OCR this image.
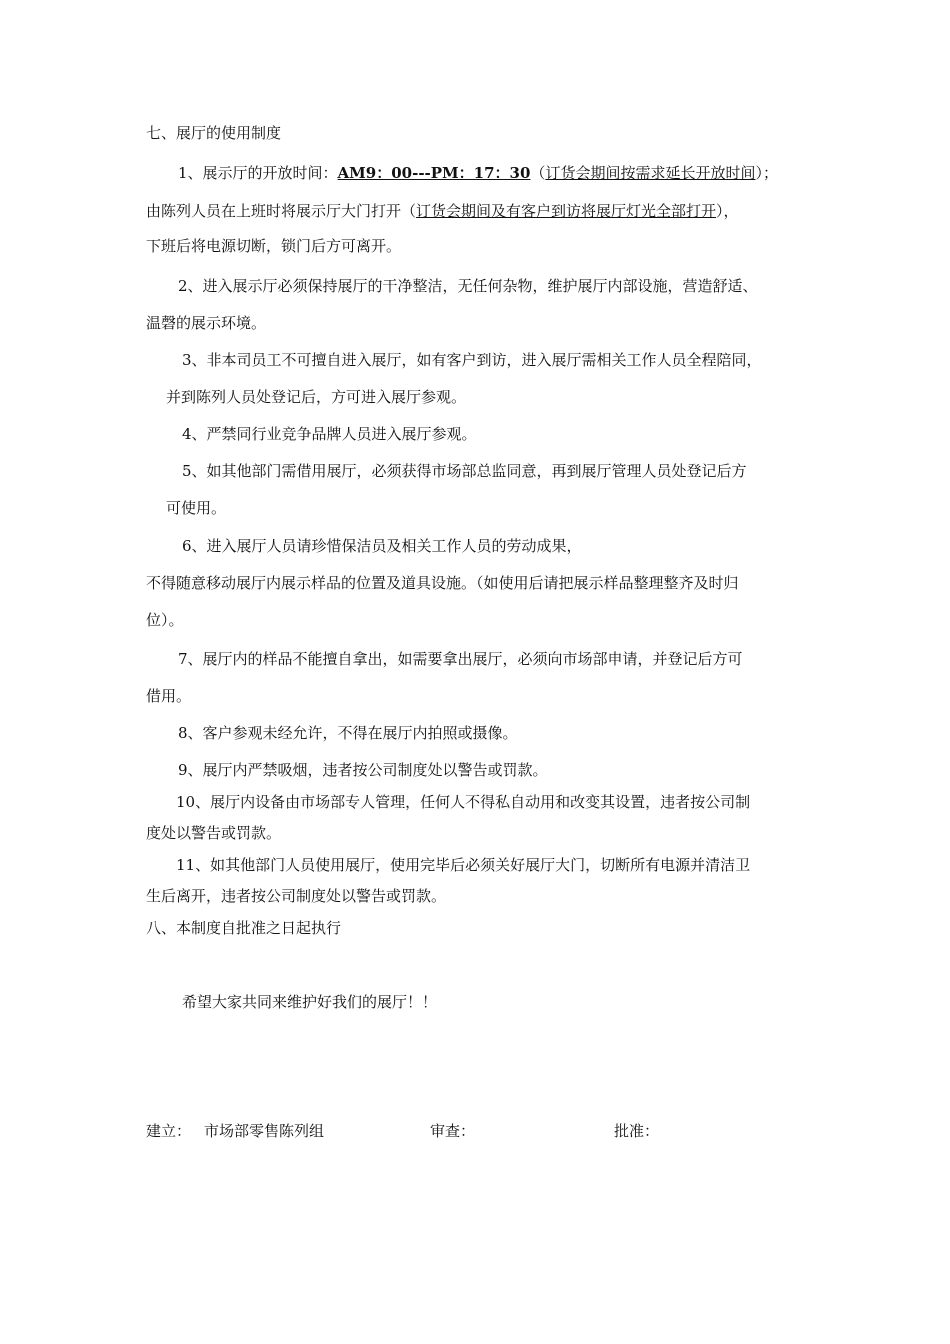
七、展厅的使用制度

1、展示厅的开放时间：AM9：00---PM：17：30（订货会期间按需求延长开放时间）；

由陈列人员在上班时将展示厅大门打开（订货会期间及有客户到访将展厅灯光全部打开），

下班后将电源切断，锁门后方可离开。

2、进入展示厅必须保持展厅的干净整洁，无任何杂物，维护展厅内部设施，营造舒适、

温磬的展示环境。

3、非本司员工不可擅自进入展厅，如有客户到访，进入展厅需相关工作人员全程陪同，

并到陈列人员处登记后，方可进入展厅参观。

4、严禁同行业竞争品牌人员进入展厅参观。

5、如其他部门需借用展厅，必须获得市场部总监同意，再到展厅管理人员处登记后方

可使用。

6、进入展厅人员请珍惜保洁员及相关工作人员的劳动成果，

不得随意移动展厅内展示样品的位置及道具设施。（如使用后请把展示样品整理整齐及时归

位）。

7、展厅内的样品不能擅自拿出，如需要拿出展厅，必须向市场部申请，并登记后方可

借用。

8、客户参观未经允许，不得在展厅内拍照或摄像。

9、展厅内严禁吸烟，违者按公司制度处以警告或罚款。

10、展厅内设备由市场部专人管理，任何人不得私自动用和改变其设置，违者按公司制

度处以警告或罚款。

11、如其他部门人员使用展厅，使用完毕后必须关好展厅大门，切断所有电源并清洁卫

生后离开，违者按公司制度处以警告或罚款。

八、本制度自批准之日起执行

希望大家共同来维护好我们的展厅！！

建立： 市场部零售陈列组	审查：	批准：
